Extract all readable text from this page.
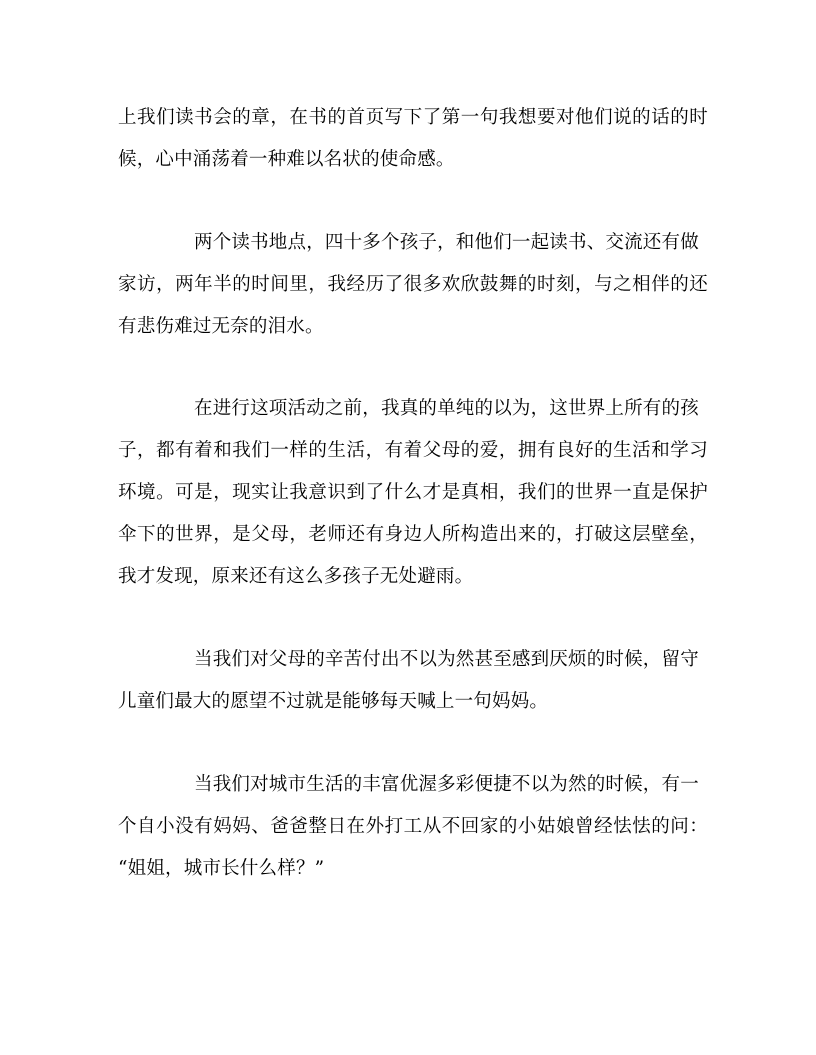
上我们读书会的章，在书的首页写下了第一句我想要对他们说的话的时
候，心中涌荡着一种难以名状的使命感。
两个读书地点，四十多个孩子，和他们一起读书、交流还有做
家访，两年半的时间里，我经历了很多欢欣鼓舞的时刻，与之相伴的还
有悲伤难过无奈的泪水。
在进行这项活动之前，我真的单纯的以为，这世界上所有的孩
子，都有着和我们一样的生活，有着父母的爱，拥有良好的生活和学习
环境。可是，现实让我意识到了什么才是真相，我们的世界一直是保护
伞下的世界，是父母，老师还有身边人所构造出来的，打破这层壁垒，
我才发现，原来还有这么多孩子无处避雨。
当我们对父母的辛苦付出不以为然甚至感到厌烦的时候，留守
儿童们最大的愿望不过就是能够每天喊上一句妈妈。
当我们对城市生活的丰富优渥多彩便捷不以为然的时候，有一
个自小没有妈妈、爸爸整日在外打工从不回家的小姑娘曾经怯怯的问：
“姐姐，城市长什么样？”
